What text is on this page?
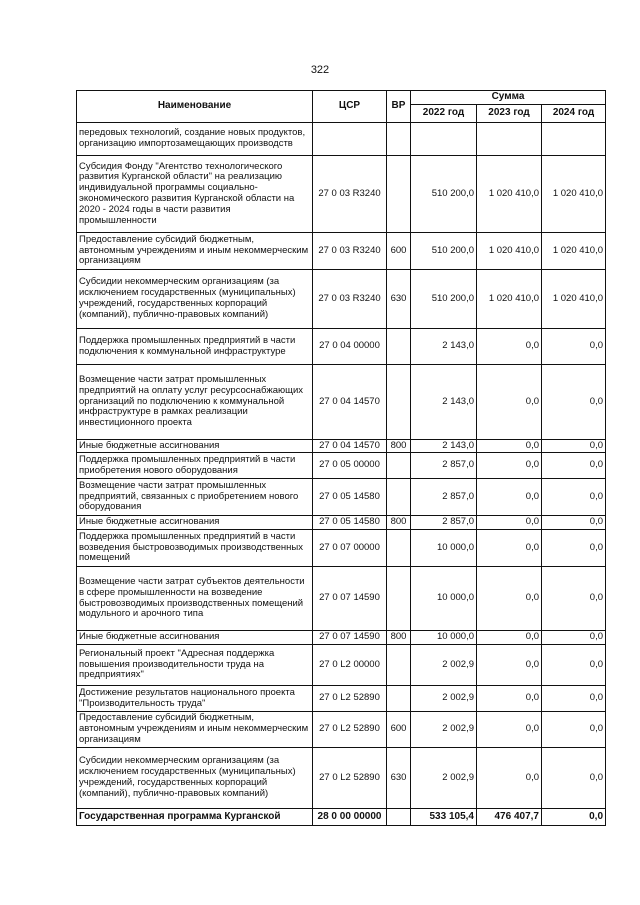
322
Наименование	ЦСР	ВР	Сумма		
			2022 год	2023 год	2024 год
передовых технологий, создание новых продуктов, организацию импортозамещающих производств					
Субсидия Фонду "Агентство технологического развития Курганской области" на реализацию индивидуальной программы социально-экономического развития Курганской области на 2020 - 2024 годы в части развития промышленности	27 0 03 R3240		510 200,0	1 020 410,0	1 020 410,0
Предоставление субсидий бюджетным, автономным учреждениям и иным некоммерческим организациям	27 0 03 R3240	600	510 200,0	1 020 410,0	1 020 410,0
Субсидии некоммерческим организациям (за исключением государственных (муниципальных) учреждений, государственных корпораций (компаний), публично-правовых компаний)	27 0 03 R3240	630	510 200,0	1 020 410,0	1 020 410,0
Поддержка промышленных предприятий в части подключения к коммунальной инфраструктуре	27 0 04 00000		2 143,0	0,0	0,0
Возмещение части затрат промышленных предприятий на оплату услуг ресурсоснабжающих организаций по подключению к коммунальной инфраструктуре в рамках реализации инвестиционного проекта	27 0 04 14570		2 143,0	0,0	0,0
Иные бюджетные ассигнования	27 0 04 14570	800	2 143,0	0,0	0,0
Поддержка промышленных предприятий в части приобретения нового оборудования	27 0 05 00000		2 857,0	0,0	0,0
Возмещение части затрат промышленных предприятий, связанных с приобретением нового оборудования	27 0 05 14580		2 857,0	0,0	0,0
Иные бюджетные ассигнования	27 0 05 14580	800	2 857,0	0,0	0,0
Поддержка промышленных предприятий в части возведения быстровозводимых производственных помещений	27 0 07 00000		10 000,0	0,0	0,0
Возмещение части затрат субъектов деятельности в сфере промышленности на возведение быстровозводимых производственных помещений модульного и арочного типа	27 0 07 14590		10 000,0	0,0	0,0
Иные бюджетные ассигнования	27 0 07 14590	800	10 000,0	0,0	0,0
Региональный проект "Адресная поддержка повышения производительности труда на предприятиях"	27 0 L2 00000		2 002,9	0,0	0,0
Достижение результатов национального проекта "Производительность труда"	27 0 L2 52890		2 002,9	0,0	0,0
Предоставление субсидий бюджетным, автономным учреждениям и иным некоммерческим организациям	27 0 L2 52890	600	2 002,9	0,0	0,0
Субсидии некоммерческим организациям (за исключением государственных (муниципальных) учреждений, государственных корпораций (компаний), публично-правовых компаний)	27 0 L2 52890	630	2 002,9	0,0	0,0
Государственная программа Курганской	28 0 00 00000		533 105,4	476 407,7	0,0
